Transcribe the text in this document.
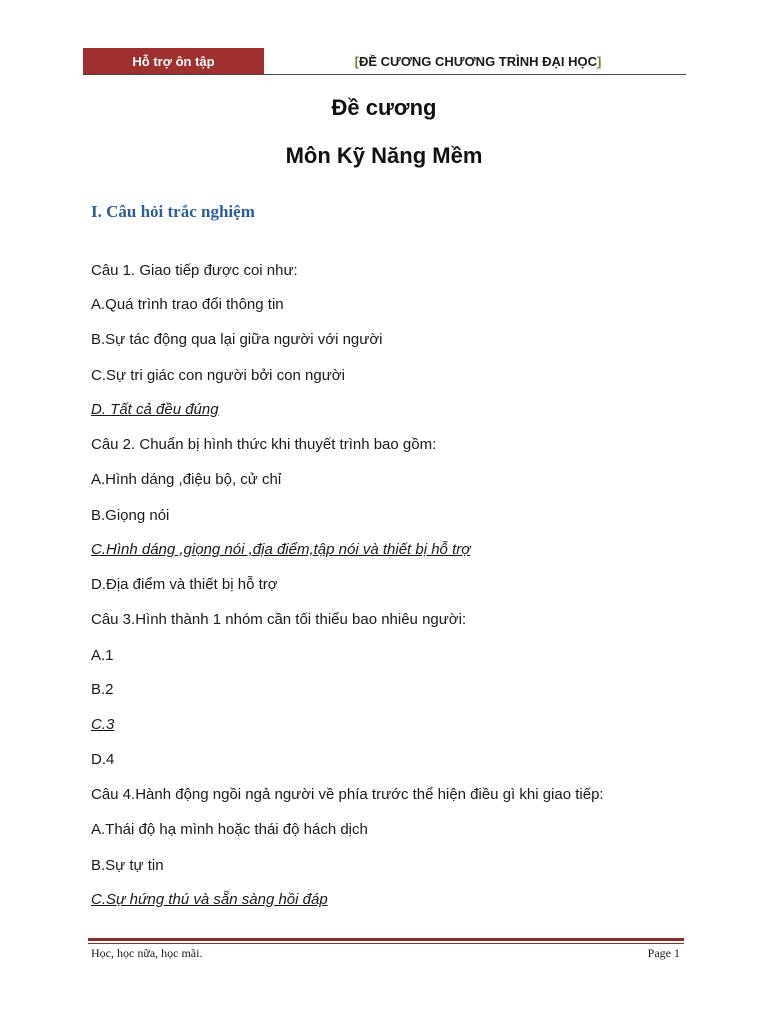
Hỗ trợ ôn tập	[ ĐỀ CƯƠNG CHƯƠNG TRÌNH ĐẠI HỌC ]
Đề cương
Môn Kỹ Năng Mềm
I. Câu hỏi trắc nghiệm
Câu 1. Giao tiếp được coi như:
A.Quá trình trao đổi thông tin
B.Sự tác động qua lại giữa người với người
C.Sự tri giác con người bởi con người
D. Tất cả đều đúng
Câu 2. Chuẩn bị hình thức khi thuyết trình bao gồm:
A.Hình dáng ,điệu bộ, cử chỉ
B.Giọng nói
C.Hình dáng ,giọng nói ,địa điểm,tập nói và thiết bị hỗ trợ
D.Địa điểm và thiết bị hỗ trợ
Câu 3.Hình thành 1 nhóm cần tối thiểu bao nhiêu người:
A.1
B.2
C.3
D.4
Câu 4.Hành động ngồi ngả người về phía trước thể hiện điều gì khi giao tiếp:
A.Thái độ hạ mình hoặc thái độ hách dịch
B.Sự tự tin
C.Sự hứng thú và sẵn sàng hồi đáp
Học, học nữa, học mãi.	Page 1
